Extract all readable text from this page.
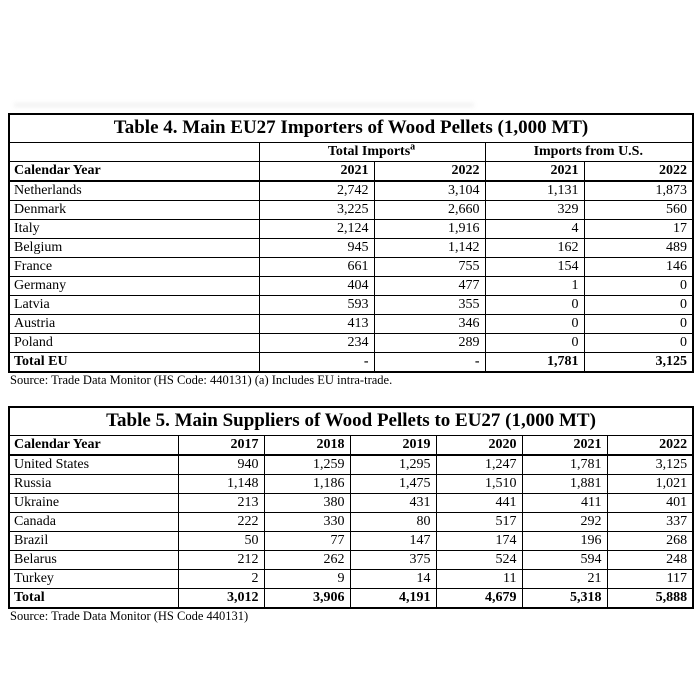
Table 4. Main EU27 Importers of Wood Pellets (1,000 MT)				
	Total Imports$^a$		Imports from U.S.	
Calendar Year	2021	2022	2021	2022
Netherlands	2,742	3,104	1,131	1,873
Denmark	3,225	2,660	329	560
Italy	2,124	1,916	4	17
Belgium	945	1,142	162	489
France	661	755	154	146
Germany	404	477	1	0
Latvia	593	355	0	0
Austria	413	346	0	0
Poland	234	289	0	0
Total EU	-	-	1,781	3,125
Source: Trade Data Monitor (HS Code: 440131) (a) Includes EU intra-trade.
Table 5. Main Suppliers of Wood Pellets to EU27 (1,000 MT)						
Calendar Year	2017	2018	2019	2020	2021	2022
United States	940	1,259	1,295	1,247	1,781	3,125
Russia	1,148	1,186	1,475	1,510	1,881	1,021
Ukraine	213	380	431	441	411	401
Canada	222	330	80	517	292	337
Brazil	50	77	147	174	196	268
Belarus	212	262	375	524	594	248
Turkey	2	9	14	11	21	117
Total	3,012	3,906	4,191	4,679	5,318	5,888
Source: Trade Data Monitor (HS Code 440131)
